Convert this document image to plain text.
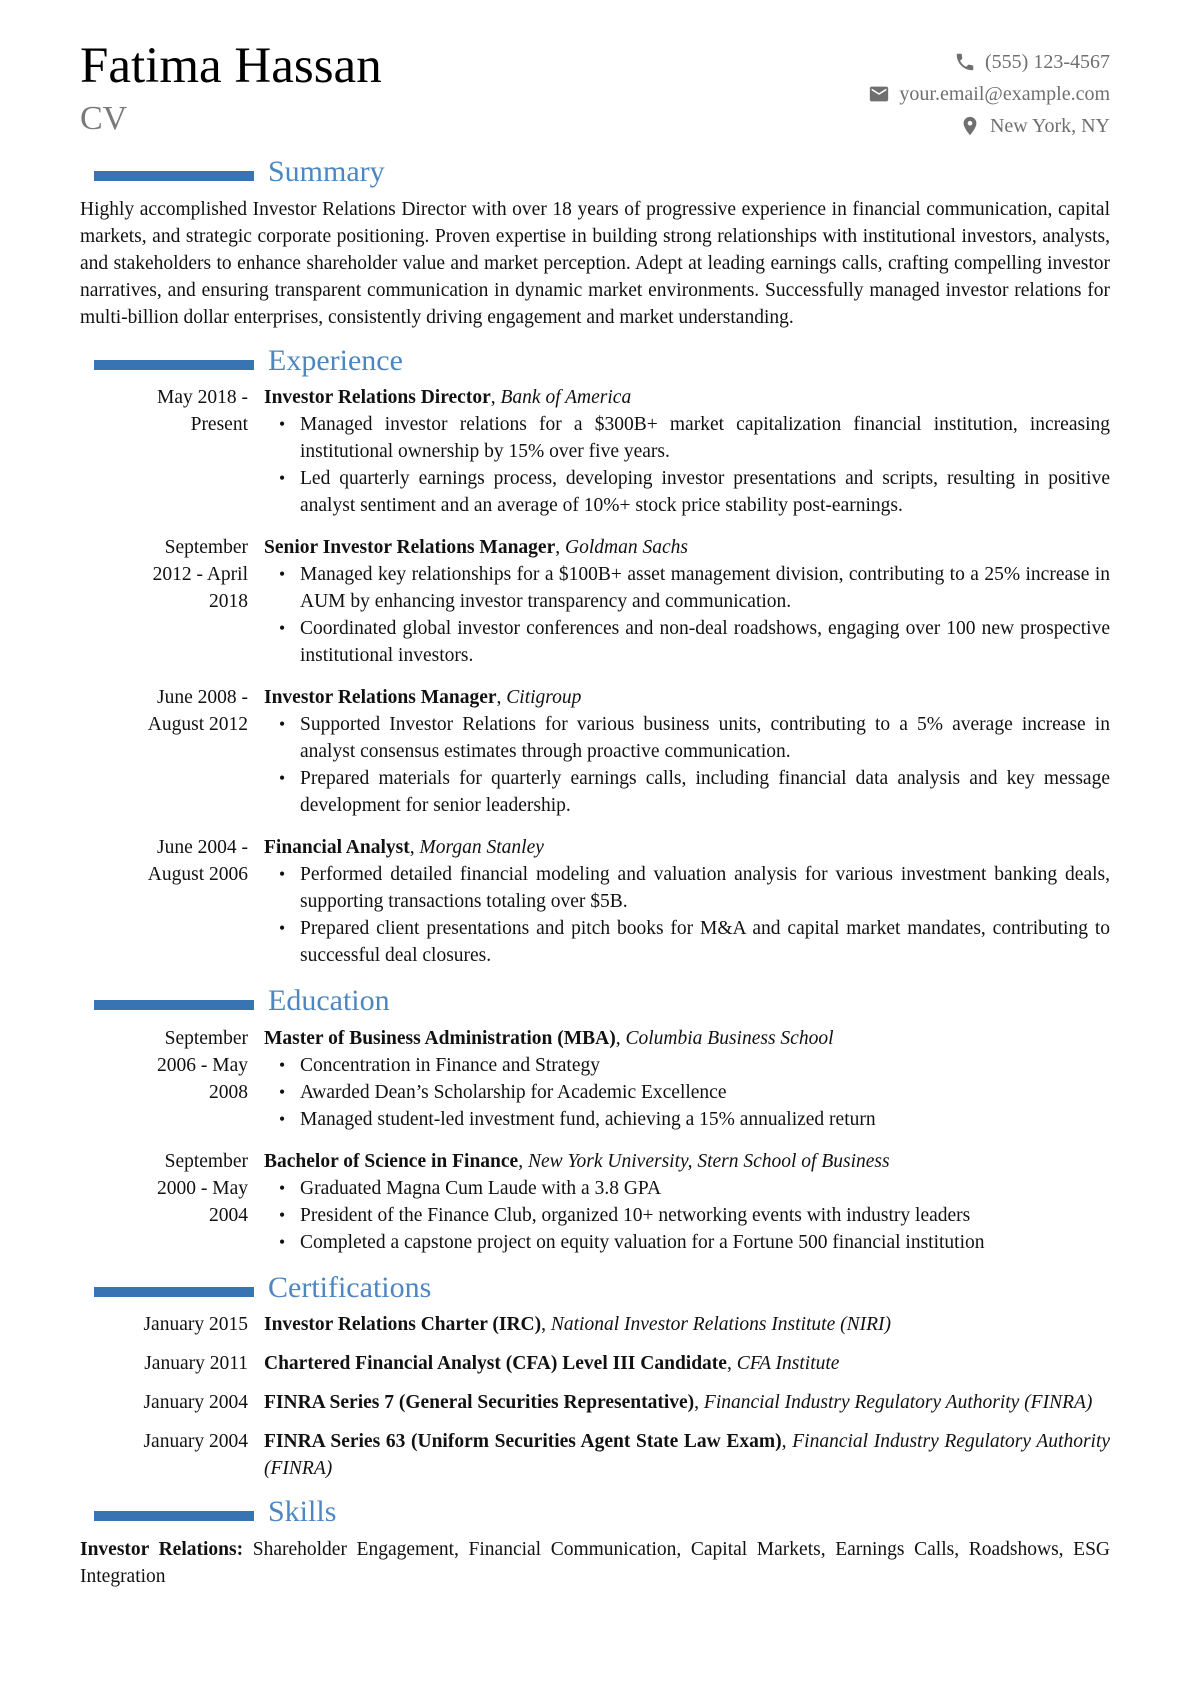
Fatima Hassan
CV
(555) 123-4567
your.email@example.com
New York, NY
Summary

Highly accomplished Investor Relations Director with over 18 years of progressive experience in financial communication, capital markets, and strategic corporate positioning. Proven expertise in building strong relationships with institutional investors, analysts, and stakeholders to enhance shareholder value and market perception. Adept at leading earnings calls, crafting compelling investor narratives, and ensuring transparent communication in dynamic market environments. Successfully managed investor relations for multi-billion dollar enterprises, consistently driving engagement and market understanding.

Experience
May 2018 - Present
Investor Relations Director, Bank of America
• Managed investor relations for a $300B+ market capitalization financial institution, increasing institutional ownership by 15% over five years.
• Led quarterly earnings process, developing investor presentations and scripts, resulting in positive analyst sentiment and an average of 10%+ stock price stability post-earnings.
September 2012 - April 2018
Senior Investor Relations Manager, Goldman Sachs
• Managed key relationships for a $100B+ asset management division, contributing to a 25% increase in AUM by enhancing investor transparency and communication.
• Coordinated global investor conferences and non-deal roadshows, engaging over 100 new prospective institutional investors.
June 2008 - August 2012
Investor Relations Manager, Citigroup
• Supported Investor Relations for various business units, contributing to a 5% average increase in analyst consensus estimates through proactive communication.
• Prepared materials for quarterly earnings calls, including financial data analysis and key message development for senior leadership.
June 2004 - August 2006
Financial Analyst, Morgan Stanley
• Performed detailed financial modeling and valuation analysis for various investment banking deals, supporting transactions totaling over $5B.
• Prepared client presentations and pitch books for M&A and capital market mandates, contributing to successful deal closures.
Education
September 2006 - May 2008
Master of Business Administration (MBA), Columbia Business School
• Concentration in Finance and Strategy
• Awarded Dean’s Scholarship for Academic Excellence
• Managed student-led investment fund, achieving a 15% annualized return
September 2000 - May 2004
Bachelor of Science in Finance, New York University, Stern School of Business
• Graduated Magna Cum Laude with a 3.8 GPA
• President of the Finance Club, organized 10+ networking events with industry leaders
• Completed a capstone project on equity valuation for a Fortune 500 financial institution
Certifications
January 2015 Investor Relations Charter (IRC), National Investor Relations Institute (NIRI)
January 2011 Chartered Financial Analyst (CFA) Level III Candidate, CFA Institute
January 2004 FINRA Series 7 (General Securities Representative), Financial Industry Regulatory Authority (FINRA)
January 2004 FINRA Series 63 (Uniform Securities Agent State Law Exam), Financial Industry Regulatory Authority (FINRA)
Skills

Investor Relations: Shareholder Engagement, Financial Communication, Capital Markets, Earnings Calls, Roadshows, ESG Integration
